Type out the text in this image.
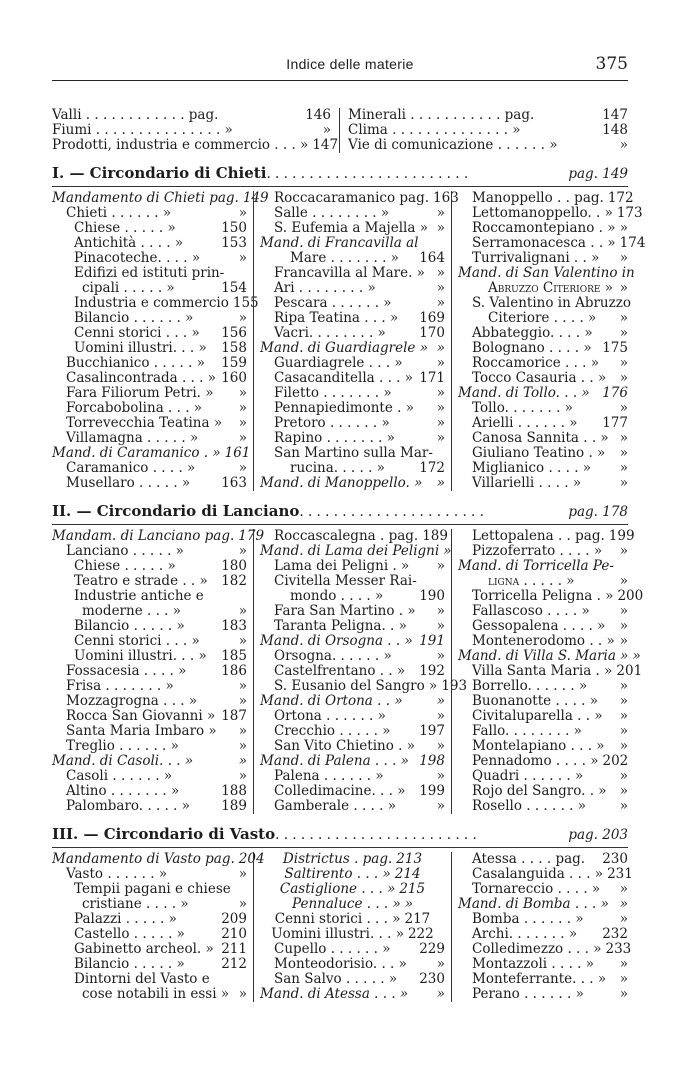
Indice delle materie	375
Valli . . . . . . . . . . . . pag.	146
Fiumi . . . . . . . . . . . . . . . »	»
Prodotti, industria e commercio . . . » 147
Minerali . . . . . . . . . . . pag.	147
Clima . . . . . . . . . . . . . . »	148
Vie di comunicazione . . . . . . »	»
I. — Circondario di Chieti . . . . . . . . . . . . . . . . . . . . . . . .	pag. 149
Mandamento di Chieti pag. 149
Chieti . . . . . . »	»
Chiese . . . . . »	150
Antichità . . . . »	153
Pinacoteche. . . . »	»
Edifizi ed istituti prin-
cipali . . . . . »	154
Industria e commercio 155
Bilancio . . . . . . »	»
Cenni storici . . . » 156
Uomini illustri. . . » 158
Bucchianico . . . . . » 159
Casalincontrada . . . » 160
Fara Filiorum Petri. » »
Forcabobolina . . . »	»
Torrevecchia Teatina » »
Villamagna . . . . . »	»
Mand. di Caramanico . » 161
Caramanico . . . . »	»
Musellaro . . . . . » 163
Roccacaramanico pag. 163
Salle . . . . . . . . »	»
S. Eufemia a Majella » »
Mand. di Francavilla al
Mare . . . . . . . » 164
Francavilla al Mare. » »
Ari . . . . . . . . »	»
Pescara . . . . . . »	»
Ripa Teatina . . . » 169
Vacri. . . . . . . . » 170
Mand. di Guardiagrele » »
Guardiagrele . . . »	»
Casacanditella . . . » 171
Filetto . . . . . . . »	»
Pennapiedimonte . » »
Pretoro . . . . . . »	»
Rapino . . . . . . . »	»
San Martino sulla Mar-
rucina. . . . . »	172
Mand. di Manoppello. » »
Manoppello . . pag. 172
Lettomanoppello. . » 173
Roccamontepiano . » »
Serramonacesca . . » 174
Turrivalignani . . » »
Mand. di San Valentino in
Abruzzo Citeriore » »
S. Valentino in Abruzzo
Citeriore . . . . » »
Abbateggio. . . . » »
Bolognano . . . . » 175
Roccamorice . . . » »
Tocco Casauria . . » »
Mand. di Tollo. . . » 176
Tollo. . . . . . . »	»
Arielli . . . . . . » 177
Canosa Sannita . . » »
Giuliano Teatino . » »
Miglianico . . . . » »
Villarielli . . . . »	»
II. — Circondario di Lanciano . . . . . . . . . . . . . . . . . . . . . .	pag. 178
Mandam. di Lanciano pag. 179
Lanciano . . . . . »	»
Chiese . . . . . »	180
Teatro e strade . . » 182
Industrie antiche e
moderne . . . »	»
Bilancio . . . . . »	183
Cenni storici . . . »	»
Uomini illustri. . . » 185
Fossacesia . . . . »	186
Frisa . . . . . . . »	»
Mozzagrogna . . . »	»
Rocca San Giovanni » 187
Santa Maria Imbaro » »
Treglio . . . . . . »	»
Mand. di Casoli. . . »	»
Casoli . . . . . . »	»
Altino . . . . . . . »	188
Palombaro. . . . . » 189
Roccascalegna . pag. 189
Mand. di Lama dei Peligni »
Lama dei Peligni . » »
Civitella Messer Rai-
mondo . . . . »	190
Fara San Martino . » »
Taranta Peligna. . » »
Mand. di Orsogna . . » 191
Orsogna. . . . . . »	»
Castelfrentano . . » 192
S. Eusanio del Sangro » 193
Mand. di Ortona . . »	»
Ortona . . . . . . »	»
Crecchio . . . . . » 197
San Vito Chietino . » »
Mand. di Palena . . . » 198
Palena . . . . . . »	»
Colledimacine. . . » 199
Gamberale . . . . »	»
Lettopalena . . pag. 199
Pizzoferrato . . . . » »
Mand. di Torricella Pe-
ligna . . . . . »	»
Torricella Peligna . » 200
Fallascoso . . . . » »
Gessopalena . . . . » »
Montenerodomo . . » »
Mand. di Villa S. Maria » »
Villa Santa Maria . » 201
Borrello. . . . . . » »
Buonanotte . . . . » »
Civitaluparella . . » »
Fallo. . . . . . . . »	»
Montelapiano . . . » »
Pennadomo . . . . » 202
Quadri . . . . . . »	»
Rojo del Sangro. . » »
Rosello . . . . . . » »
III. — Circondario di Vasto . . . . . . . . . . . . . . . . . . . . . . . .	pag. 203
Mandamento di Vasto pag. 204
Vasto . . . . . . »	»
Tempii pagani e chiese
cristiane . . . . »	»
Palazzi . . . . . »	209
Castello . . . . . »	210
Gabinetto archeol. » 211
Bilancio . . . . . »	212
Dintorni del Vasto e
cose notabili in essi » »
Districtus . pag. 213
Saltirento . . . » 214
Castiglione . . . » 215
Pennaluce . . . » »
Cenni storici . . . » 217
Uomini illustri. . . » 222
Cupello . . . . . . » 229
Monteodorisio. . . » »
San Salvo . . . . . » 230
Mand. di Atessa . . . » »
Atessa . . . . pag. 230
Casalanguida . . . » 231
Tornareccio . . . . » »
Mand. di Bomba . . . » »
Bomba . . . . . . »	»
Archi. . . . . . . » 232
Colledimezzo . . . » 233
Montazzoli . . . . » »
Monteferrante. . . » »
Perano . . . . . . »	»
